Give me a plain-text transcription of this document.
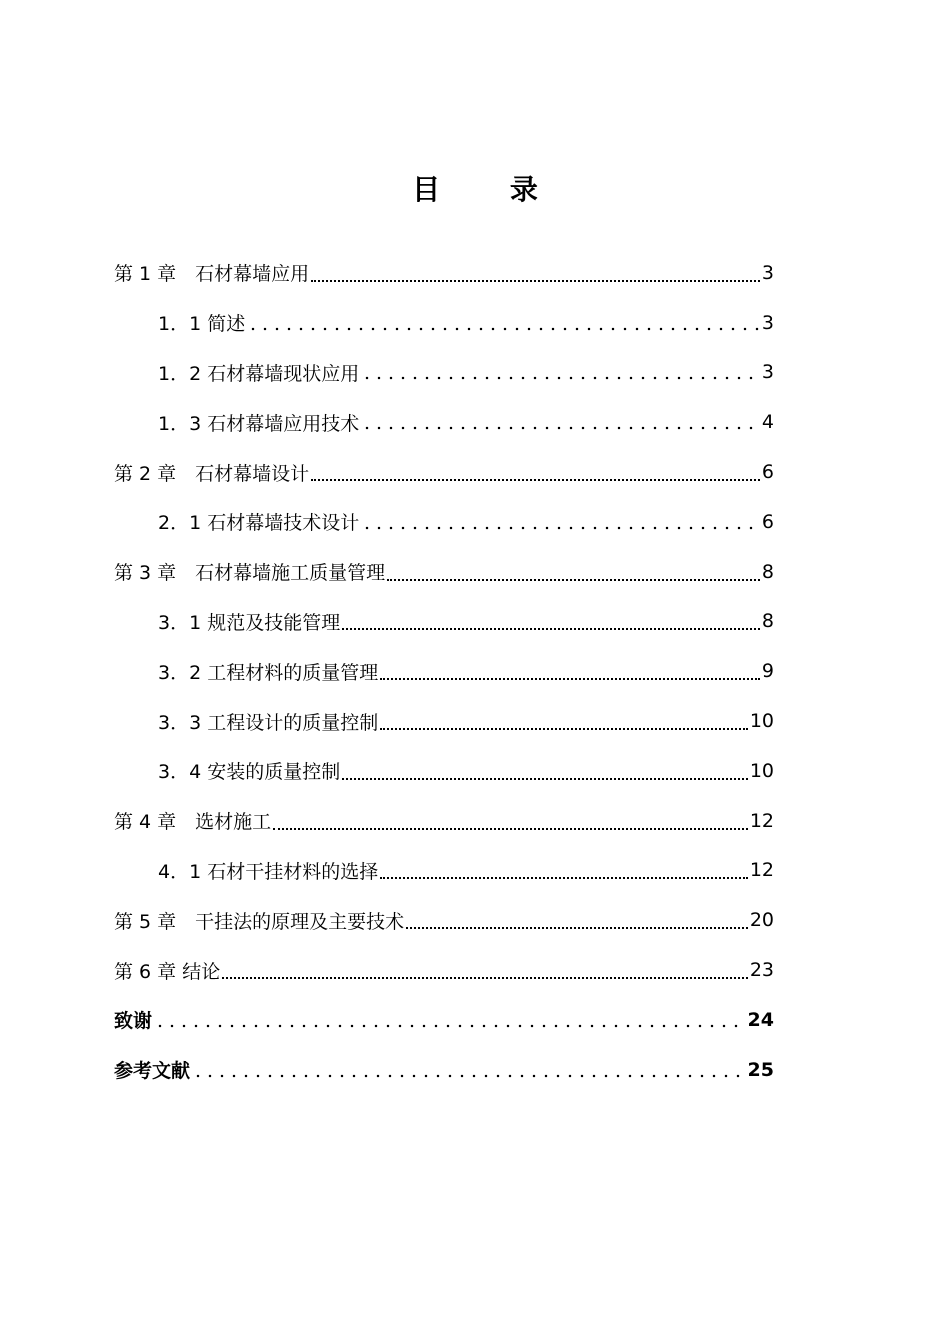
目 录
第 1 章　石材幕墙应用	3
1．1 简述	3
1．2 石材幕墙现状应用	3
1．3 石材幕墙应用技术	4
第 2 章　石材幕墙设计	6
2．1 石材幕墙技术设计	6
第 3 章　石材幕墙施工质量管理	8
3．1 规范及技能管理	8
3．2 工程材料的质量管理	9
3．3 工程设计的质量控制	10
3．4 安装的质量控制	10
第 4 章　选材施工	12
4．1 石材干挂材料的选择	12
第 5 章　干挂法的原理及主要技术	20
第 6 章 结论	23
致谢	24
参考文献	25
